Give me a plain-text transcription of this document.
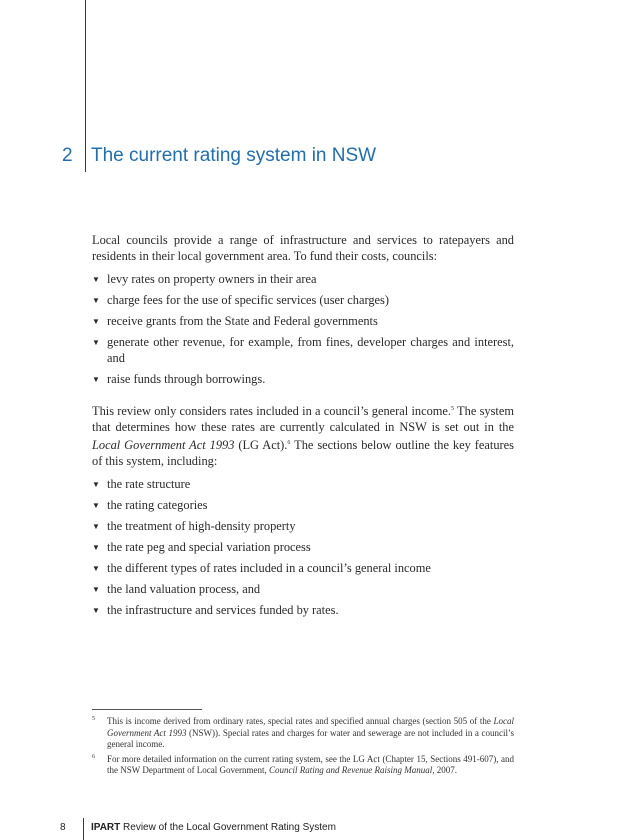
2 The current rating system in NSW

Local councils provide a range of infrastructure and services to ratepayers and residents in their local government area. To fund their costs, councils:

▼ levy rates on property owners in their area
▼ charge fees for the use of specific services (user charges)
▼ receive grants from the State and Federal governments
▼ generate other revenue, for example, from fines, developer charges and interest, and
▼ raise funds through borrowings.

This review only considers rates included in a council’s general income.$^5$ The system that determines how these rates are currently calculated in NSW is set out in the Local Government Act 1993 (LG Act).$^6$ The sections below outline the key features of this system, including:

▼ the rate structure
▼ the rating categories
▼ the treatment of high-density property
▼ the rate peg and special variation process
▼ the different types of rates included in a council’s general income
▼ the land valuation process, and
▼ the infrastructure and services funded by rates.
5 This is income derived from ordinary rates, special rates and specified annual charges (section 505 of the Local Government Act 1993 (NSW)). Special rates and charges for water and sewerage are not included in a council’s general income.
6 For more detailed information on the current rating system, see the LG Act (Chapter 15, Sections 491-607), and the NSW Department of Local Government, Council Rating and Revenue Raising Manual, 2007.
8	IPART Review of the Local Government Rating System
